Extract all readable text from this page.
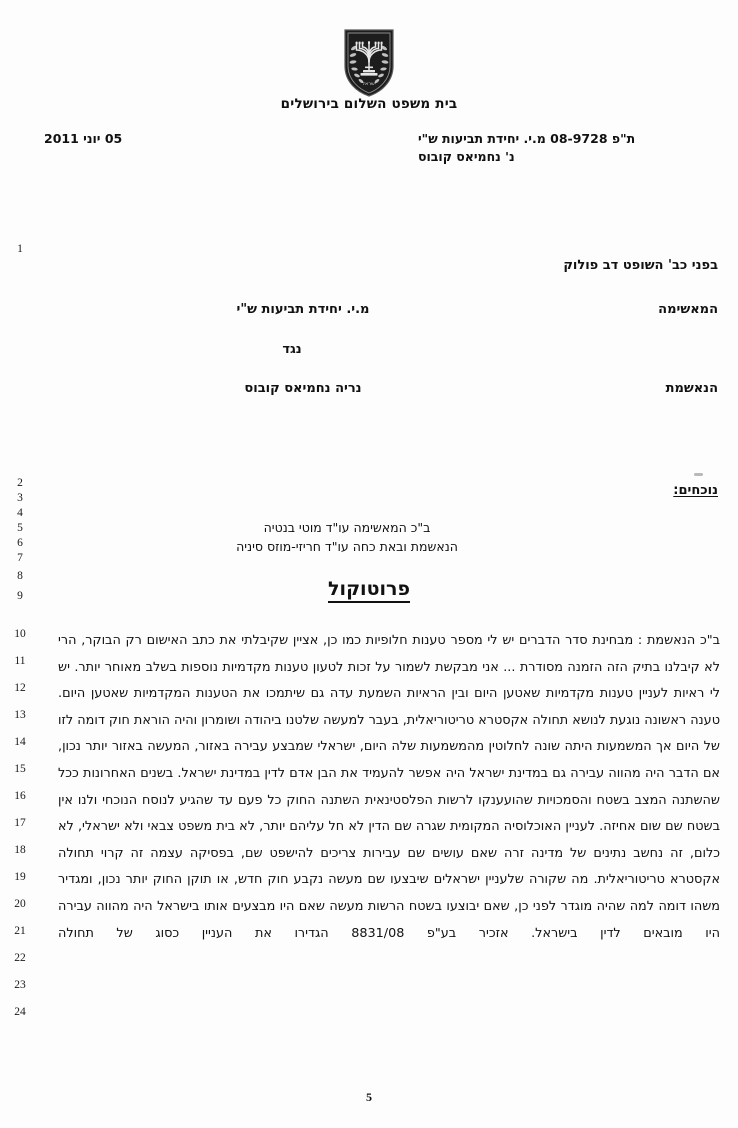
ישראל
בית משפט השלום בירושלים
ת"פ 08-9728 מ.י. יחידת תביעות ש"י
נ' נחמיאס קובוס
05 יוני 2011
בפני כב' השופט דב פולוק
המאשימה
מ.י. יחידת תביעות ש"י
נגד
הנאשמת
נריה נחמיאס קובוס
נוכחים:
ב"כ המאשימה עו"ד מוטי בנטיה
הנאשמת ובאת כחה עו"ד חריזי-מוזס סיניה
פרוטוקול
1
2
3
4
5
6
7
8
9
10
11
12
13
14
15
16
17
18
19
20
21
22
23
24

ב"כ הנאשמת : מבחינת סדר הדברים יש לי מספר טענות חלופיות כמו כן, אציין שקיבלתי את כתב האישום רק הבוקר, הרי לא קיבלנו בתיק הזה הזמנה מסודרת ... אני מבקשת לשמור על זכות לטעון טענות מקדמיות נוספות בשלב מאוחר יותר. יש לי ראיות לעניין טענות מקדמיות שאטען היום ובין הראיות השמעת עדה גם שיתמכו את הטענות המקדמיות שאטען היום.

טענה ראשונה נוגעת לנושא תחולה אקסטרא טריטוריאלית, בעבר למעשה שלטנו ביהודה ושומרון והיה הוראת חוק דומה לזו של היום אך המשמעות היתה שונה לחלוטין מהמשמעות שלה היום, ישראלי שמבצע עבירה באזור, המעשה באזור יותר נכון, אם הדבר היה מהווה עבירה גם במדינת ישראל היה אפשר להעמיד את הבן אדם לדין במדינת ישראל. בשנים האחרונות ככל שהשתנה המצב בשטח והסמכויות שהועענקו לרשות הפלסטינאית השתנה החוק כל פעם עד שהגיע לנוסח הנוכחי ולנו אין בשטח שם שום אחיזה. לעניין האוכלוסיה המקומית שגרה שם הדין לא חל עליהם יותר, לא בית משפט צבאי ולא ישראלי, לא כלום, זה נחשב נתינים של מדינה זרה שאם עושים שם עבירות צריכים להישפט שם, בפסיקה עצמה זה קרוי תחולה אקסטרא טריטוריאלית. מה שקורה שלעניין ישראלים שיבצעו שם מעשה נקבע חוק חדש, או תוקן החוק יותר נכון, ומגדיר משהו דומה למה שהיה מוגדר לפני כן, שאם יבוצעו בשטח הרשות מעשה שאם היו מבצעים אותו בישראל היה מהווה עבירה היו מובאים לדין בישראל. אזכיר בע"פ 8831/08 הגדירו את העניין כסוג של תחולה

5
